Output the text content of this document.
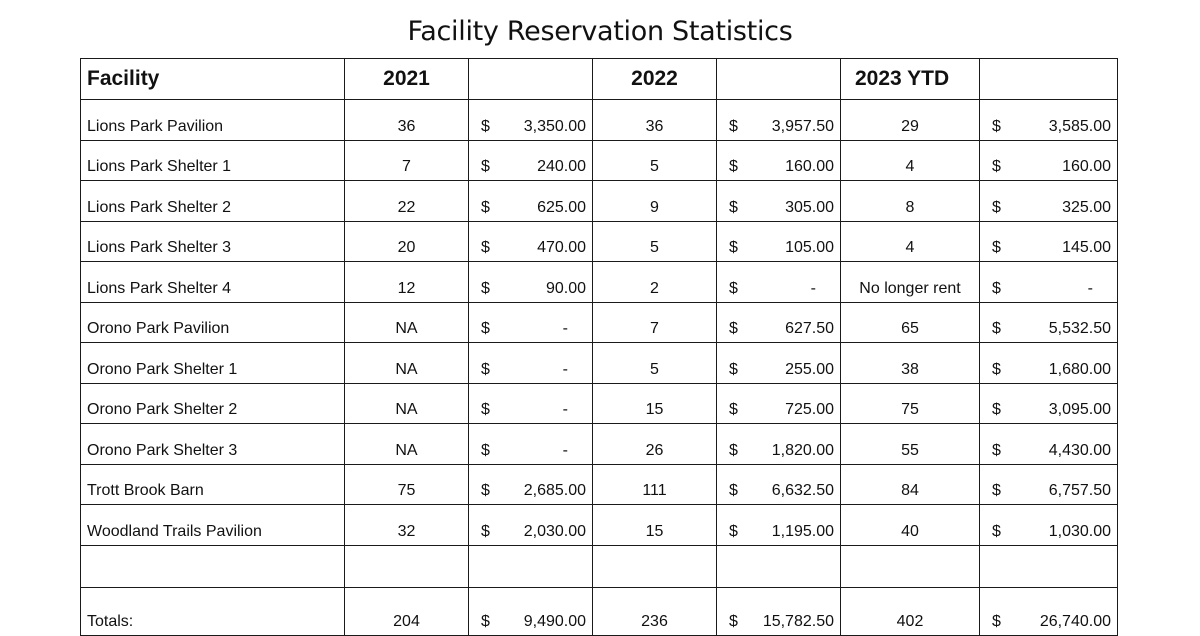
Facility Reservation Statistics
Facility	2021		2022		2023 YTD	
Lions Park Pavilion	36	$ 3,350.00	36	$ 3,957.50	29	$ 3,585.00

Lions Park Shelter 1	7	$ 240.00	5	$ 160.00	4	$ 160.00

Lions Park Shelter 2	22	$ 625.00	9	$ 305.00	8	$ 325.00

Lions Park Shelter 3	20	$ 470.00	5	$ 105.00	4	$ 145.00

Lions Park Shelter 4	12	$ 90.00	2	$ -	No longer rent	$ -

Orono Park Pavilion	NA	$ -	7	$ 627.50	65	$ 5,532.50

Orono Park Shelter 1	NA	$ -	5	$ 255.00	38	$ 1,680.00

Orono Park Shelter 2	NA	$ -	15	$ 725.00	75	$ 3,095.00

Orono Park Shelter 3	NA	$ -	26	$ 1,820.00	55	$ 4,430.00

Trott Brook Barn	75	$ 2,685.00	111	$ 6,632.50	84	$ 6,757.50

Woodland Trails Pavilion	32	$ 2,030.00	15	$ 1,195.00	40	$ 1,030.00

Totals:	204	$ 9,490.00	236	$ 15,782.50	402	$ 26,740.00
